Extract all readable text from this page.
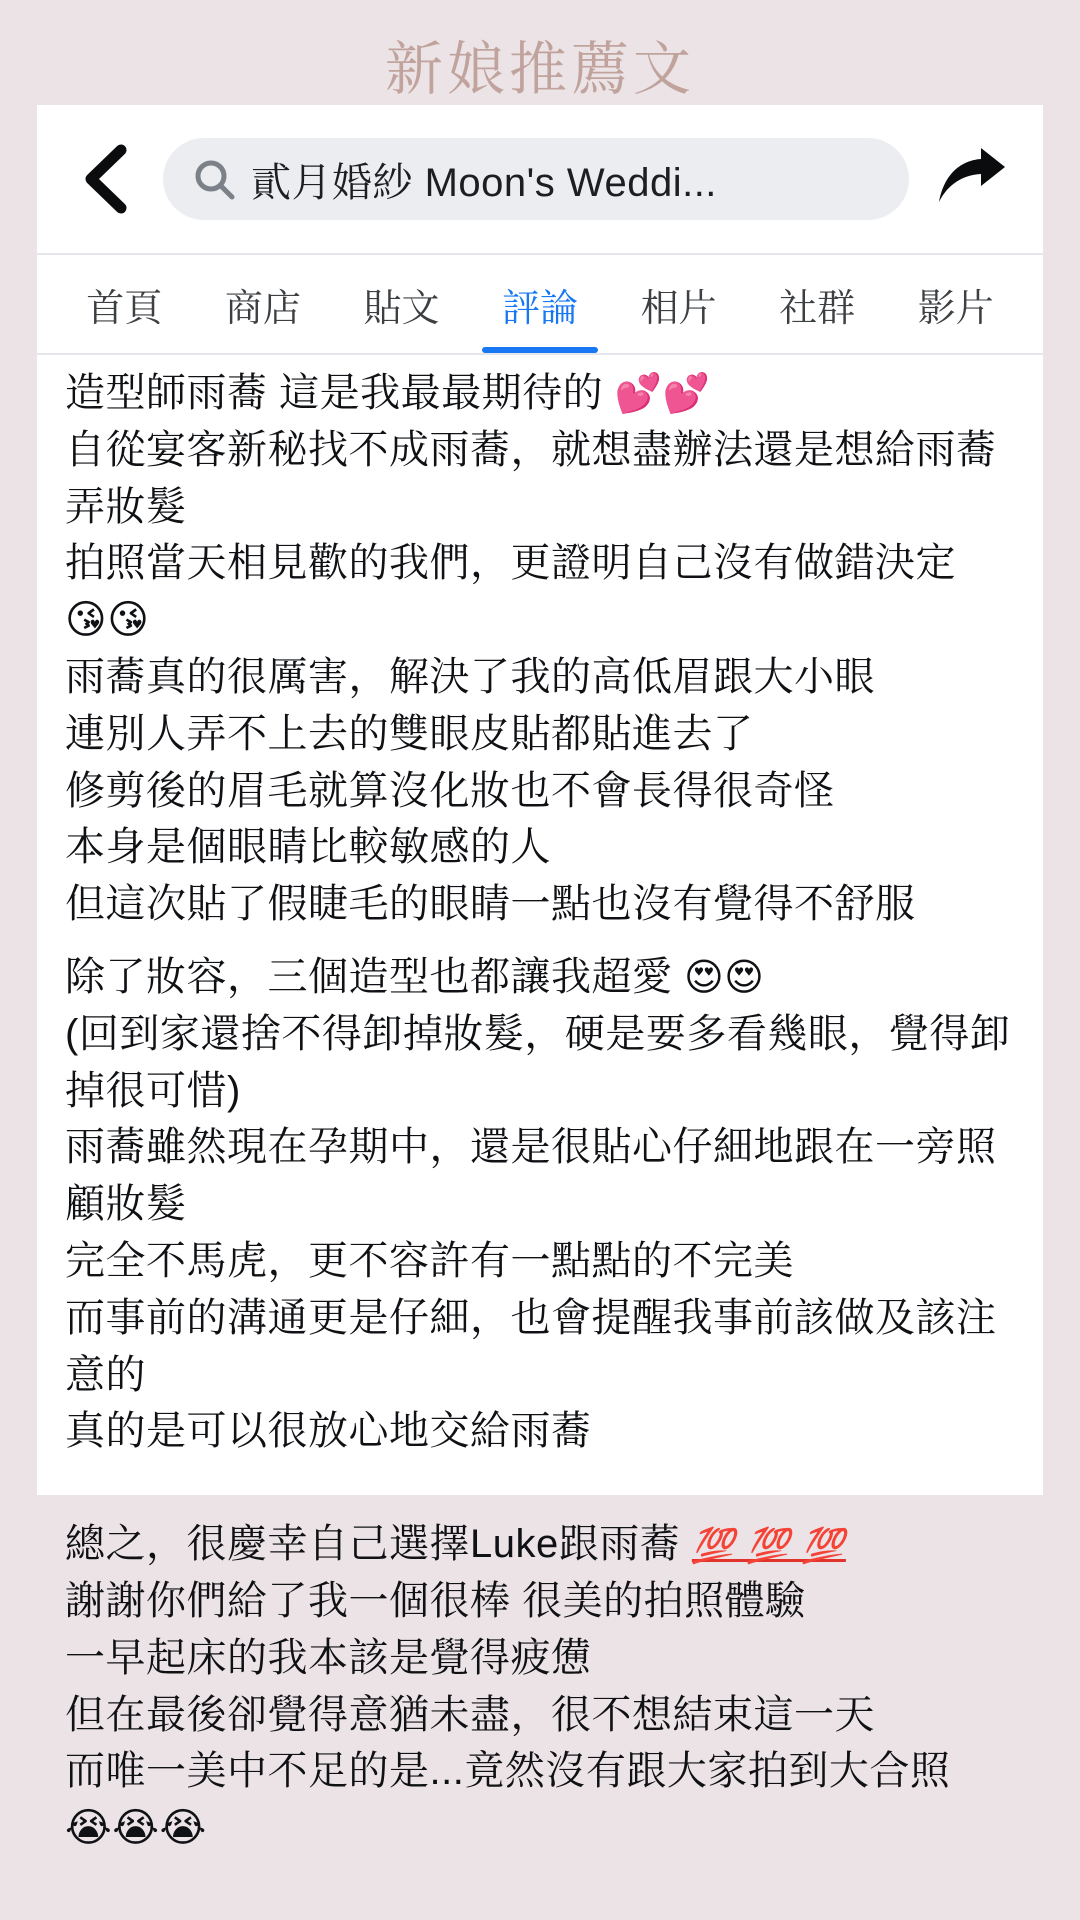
新娘推薦文
貳月婚紗 Moon's Weddi...
首頁 商店 貼文 評論 相片 社群 影片

造型師雨蕎 這是我最最期待的 💕💕

自從宴客新秘找不成雨蕎，就想盡辦法還是想給雨蕎弄妝髮

拍照當天相見歡的我們，更證明自己沒有做錯決定

😘😘

雨蕎真的很厲害，解決了我的高低眉跟大小眼

連別人弄不上去的雙眼皮貼都貼進去了

修剪後的眉毛就算沒化妝也不會長得很奇怪

本身是個眼睛比較敏感的人

但這次貼了假睫毛的眼睛一點也沒有覺得不舒服

除了妝容，三個造型也都讓我超愛 😍😍

(回到家還捨不得卸掉妝髮，硬是要多看幾眼，覺得卸掉很可惜)

雨蕎雖然現在孕期中，還是很貼心仔細地跟在一旁照顧妝髮

完全不馬虎，更不容許有一點點的不完美

而事前的溝通更是仔細，也會提醒我事前該做及該注意的

真的是可以很放心地交給雨蕎

總之，很慶幸自己選擇Luke跟雨蕎 💯 💯 💯

謝謝你們給了我一個很棒 很美的拍照體驗

一早起床的我本該是覺得疲憊

但在最後卻覺得意猶未盡，很不想結束這一天

而唯一美中不足的是...竟然沒有跟大家拍到大合照

😭😭😭
